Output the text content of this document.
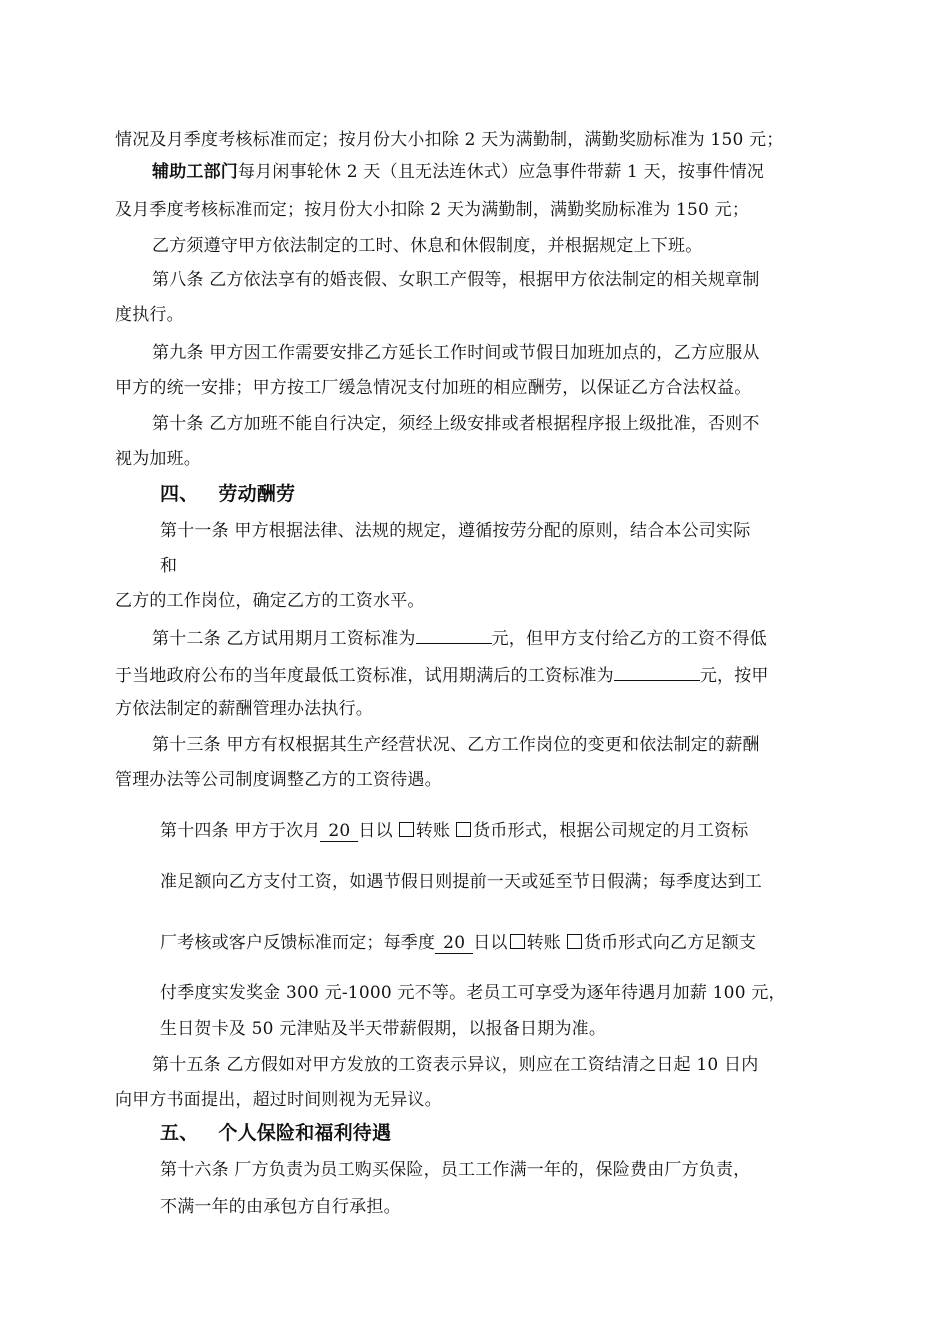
情况及月季度考核标准而定；按月份大小扣除 2 天为满勤制，满勤奖励标准为 150 元；
辅助工部门每月闲事轮休 2 天（且无法连休式）应急事件带薪 1 天，按事件情况
及月季度考核标准而定；按月份大小扣除 2 天为满勤制，满勤奖励标准为 150 元；
乙方须遵守甲方依法制定的工时、休息和休假制度，并根据规定上下班。
第八条 乙方依法享有的婚丧假、女职工产假等，根据甲方依法制定的相关规章制
度执行。
第九条 甲方因工作需要安排乙方延长工作时间或节假日加班加点的，乙方应服从
甲方的统一安排；甲方按工厂缓急情况支付加班的相应酬劳，以保证乙方合法权益。
第十条 乙方加班不能自行决定，须经上级安排或者根据程序报上级批准，否则不
视为加班。
四、 劳动酬劳
第十一条 甲方根据法律、法规的规定，遵循按劳分配的原则，结合本公司实际
和
乙方的工作岗位，确定乙方的工资水平。
第十二条 乙方试用期月工资标准为	元，但甲方支付给乙方的工资不得低
于当地政府公布的当年度最低工资标准，试用期满后的工资标准为	元，按甲
方依法制定的薪酬管理办法执行。
第十三条 甲方有权根据其生产经营状况、乙方工作岗位的变更和依法制定的薪酬
管理办法等公司制度调整乙方的工资待遇。
第十四条 甲方于次月 20 日以 转账 货币形式，根据公司规定的月工资标
准足额向乙方支付工资，如遇节假日则提前一天或延至节日假满；每季度达到工
厂考核或客户反馈标准而定；每季度 20 日以 转账 货币形式向乙方足额支
付季度实发奖金 300 元-1000 元不等。老员工可享受为逐年待遇月加薪 100 元，
生日贺卡及 50 元津贴及半天带薪假期，以报备日期为准。
第十五条 乙方假如对甲方发放的工资表示异议，则应在工资结清之日起 10 日内
向甲方书面提出，超过时间则视为无异议。
五、 个人保险和福利待遇
第十六条 厂方负责为员工购买保险，员工工作满一年的，保险费由厂方负责，
不满一年的由承包方自行承担。
